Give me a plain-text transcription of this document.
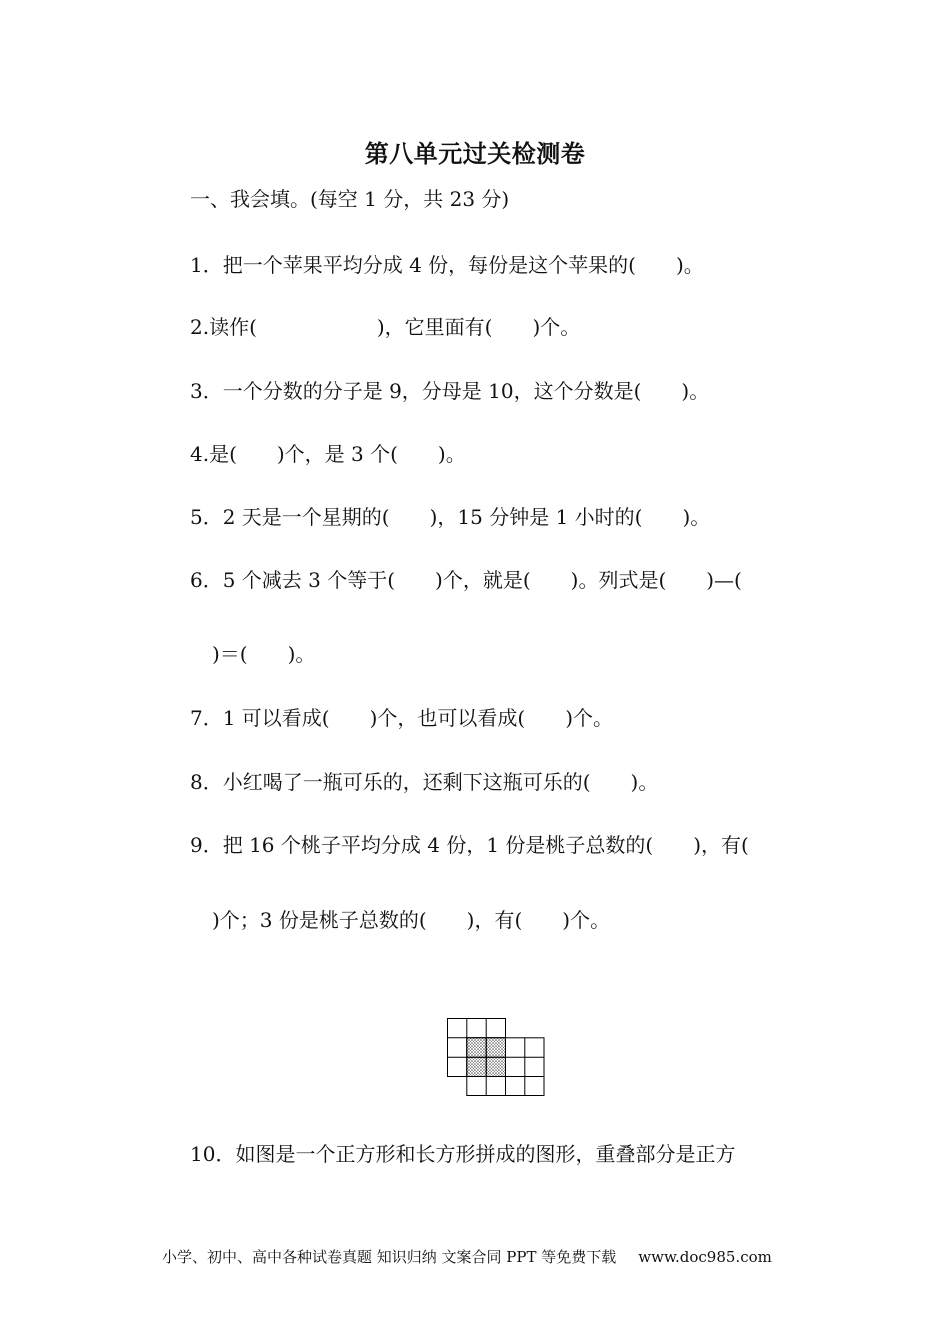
第八单元过关检测卷
一、我会填。(每空 1 分，共 23 分)
1．把一个苹果平均分成 4 份，每份是这个苹果的(　　)。
2.读作(　　　　　　)，它里面有(　　)个。
3．一个分数的分子是 9，分母是 10，这个分数是(　　)。
4.是(　　)个，是 3 个(　　)。
5．2 天是一个星期的(　　)，15 分钟是 1 小时的(　　)。
6．5 个减去 3 个等于(　　)个，就是(　　)。列式是(　　)—(
)＝(　　)。
7．1 可以看成(　　)个，也可以看成(　　)个。
8．小红喝了一瓶可乐的，还剩下这瓶可乐的(　　)。
9．把 16 个桃子平均分成 4 份，1 份是桃子总数的(　　)，有(
)个；3 份是桃子总数的(　　)，有(　　)个。
10．如图是一个正方形和长方形拼成的图形，重叠部分是正方
小学、初中、高中各种试卷真题 知识归纳 文案合同 PPT 等免费下载 www.doc985.com
